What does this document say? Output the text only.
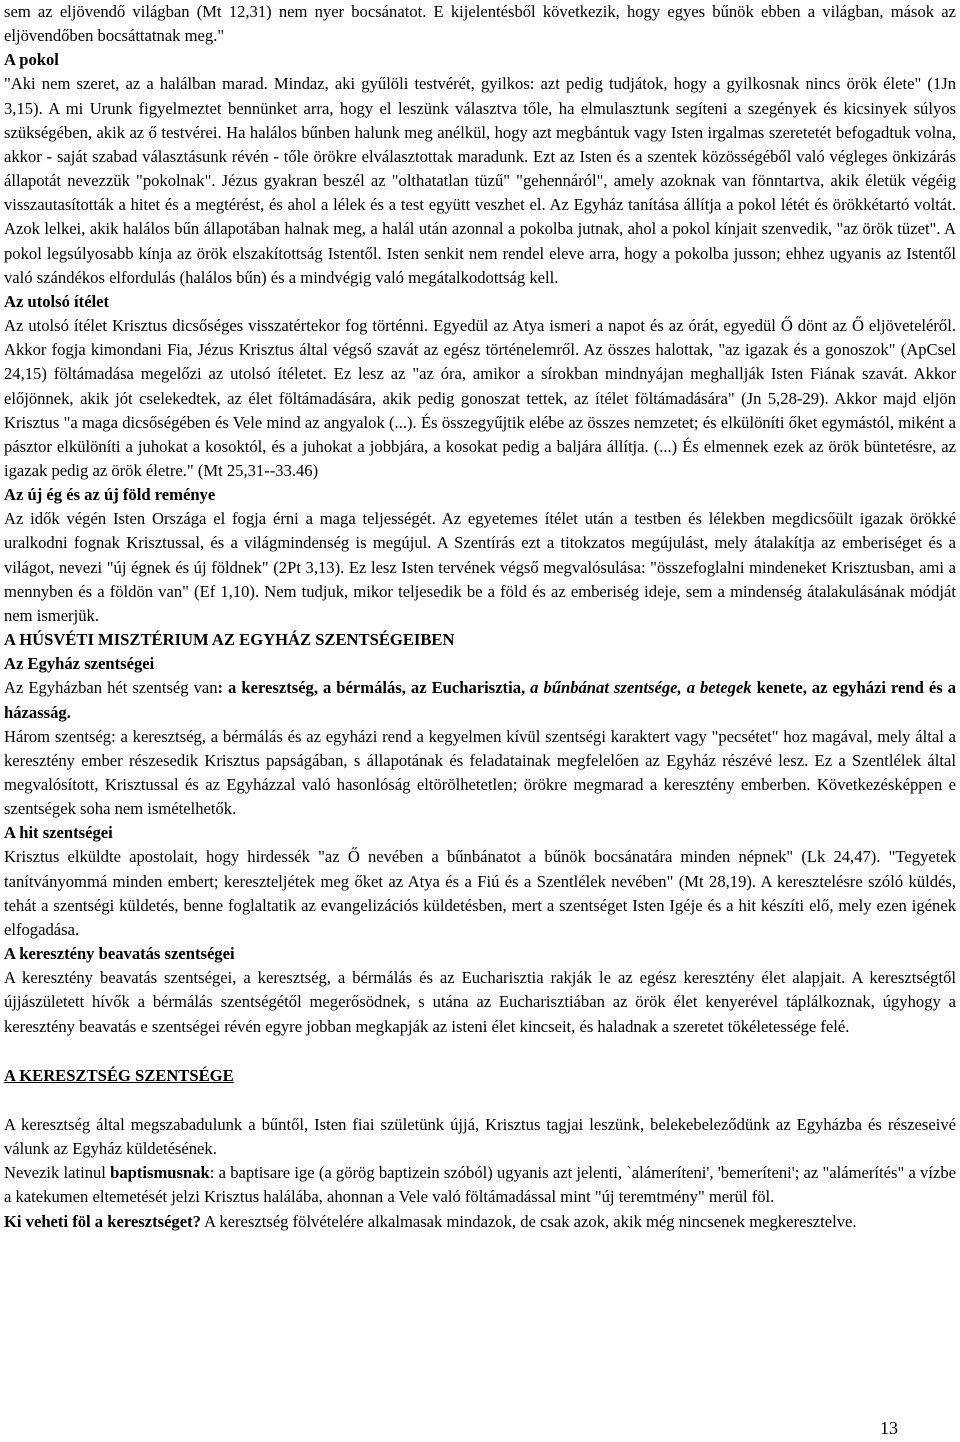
sem az eljövendő világban (Mt 12,31) nem nyer bocsánatot. E kijelentésből következik, hogy egyes bűnök ebben a világban, mások az eljövendőben bocsáttatnak meg."

A pokol

"Aki nem szeret, az a halálban marad. Mindaz, aki gyűlöli testvérét, gyilkos: azt pedig tudjátok, hogy a gyilkosnak nincs örök élete" (1Jn 3,15). A mi Urunk figyelmeztet bennünket arra, hogy el leszünk választva tőle, ha elmulasztunk segíteni a szegények és kicsinyek súlyos szükségében, akik az ő testvérei. Ha halálos bűnben halunk meg anélkül, hogy azt megbántuk vagy Isten irgalmas szeretetét befogadtuk volna, akkor - saját szabad választásunk révén - tőle örökre elválasztottak maradunk. Ezt az Isten és a szentek közösségéből való végleges önkizárás állapotát nevezzük "pokolnak". Jézus gyakran beszél az "olthatatlan tüzű" "gehennáról", amely azoknak van fönntartva, akik életük végéig visszautasították a hitet és a megtérést, és ahol a lélek és a test együtt veszhet el. Az Egyház tanítása állítja a pokol létét és örökkétartó voltát. Azok lelkei, akik halálos bűn állapotában halnak meg, a halál után azonnal a pokolba jutnak, ahol a pokol kínjait szenvedik, "az örök tüzet". A pokol legsúlyosabb kínja az örök elszakítottság Istentől. Isten senkit nem rendel eleve arra, hogy a pokolba jusson; ehhez ugyanis az Istentől való szándékos elfordulás (halálos bűn) és a mindvégig való megátalkodottság kell.

Az utolsó ítélet

Az utolsó ítélet Krisztus dicsőséges visszatértekor fog történni. Egyedül az Atya ismeri a napot és az órát, egyedül Ő dönt az Ő eljöveteléről. Akkor fogja kimondani Fia, Jézus Krisztus által végső szavát az egész történelemről. Az összes halottak, "az igazak és a gonoszok" (ApCsel 24,15) föltámadása megelőzi az utolsó ítéletet. Ez lesz az "az óra, amikor a sírokban mindnyájan meghallják Isten Fiának szavát. Akkor előjönnek, akik jót cselekedtek, az élet föltámadására, akik pedig gonoszat tettek, az ítélet föltámadására" (Jn 5,28-29). Akkor majd eljön Krisztus "a maga dicsőségében és Vele mind az angyalok (...). És összegyűjtik elébe az összes nemzetet; és elkülöníti őket egymástól, miként a pásztor elkülöníti a juhokat a kosoktól, és a juhokat a jobbjára, a kosokat pedig a baljára állítja. (...) És elmennek ezek az örök büntetésre, az igazak pedig az örök életre." (Mt 25,31--33.46)

Az új ég és az új föld reménye

Az idők végén Isten Országa el fogja érni a maga teljességét. Az egyetemes ítélet után a testben és lélekben megdicsőült igazak örökké uralkodni fognak Krisztussal, és a világmindenség is megújul. A Szentírás ezt a titokzatos megújulást, mely átalakítja az emberiséget és a világot, nevezi "új égnek és új földnek" (2Pt 3,13). Ez lesz Isten tervének végső megvalósulása: "összefoglalni mindeneket Krisztusban, ami a mennyben és a földön van" (Ef 1,10). Nem tudjuk, mikor teljesedik be a föld és az emberiség ideje, sem a mindenség átalakulásának módját nem ismerjük.

A HÚSVÉTI MISZTÉRIUM AZ EGYHÁZ SZENTSÉGEIBEN

Az Egyház szentségei

Az Egyházban hét szentség van: a keresztség, a bérmálás, az Eucharisztia, a bűnbánat szentsége, a betegek kenete, az egyházi rend és a házasság.

Három szentség: a keresztség, a bérmálás és az egyházi rend a kegyelmen kívül szentségi karaktert vagy "pecsétet" hoz magával, mely által a keresztény ember részesedik Krisztus papságában, s állapotának és feladatainak megfelelően az Egyház részévé lesz. Ez a Szentlélek által megvalósított, Krisztussal és az Egyházzal való hasonlóság eltörölhetetlen; örökre megmarad a keresztény emberben. Következésképpen e szentségek soha nem ismételhetők.

A hit szentségei

Krisztus elküldte apostolait, hogy hirdessék "az Ő nevében a bűnbánatot a bűnök bocsánatára minden népnek" (Lk 24,47). "Tegyetek tanítványommá minden embert; kereszteljétek meg őket az Atya és a Fiú és a Szentlélek nevében" (Mt 28,19). A keresztelésre szóló küldés, tehát a szentségi küldetés, benne foglaltatik az evangelizációs küldetésben, mert a szentséget Isten Igéje és a hit készíti elő, mely ezen igének elfogadása.

A keresztény beavatás szentségei

A keresztény beavatás szentségei, a keresztség, a bérmálás és az Eucharisztia rakják le az egész keresztény élet alapjait. A keresztségtől újjászületett hívők a bérmálás szentségétől megerősödnek, s utána az Eucharisztiában az örök élet kenyerével táplálkoznak, úgyhogy a keresztény beavatás e szentségei révén egyre jobban megkapják az isteni élet kincseit, és haladnak a szeretet tökéletessége felé.

A KERESZTSÉG SZENTSÉGE

A keresztség által megszabadulunk a bűntől, Isten fiai születünk újjá, Krisztus tagjai leszünk, belekebeleződünk az Egyházba és részeseivé válunk az Egyház küldetésének.

Nevezik latinul baptismusnak: a baptisare ige (a görög baptizein szóból) ugyanis azt jelenti, `alámeríteni', 'bemeríteni'; az "alámerítés" a vízbe a katekumen eltemetését jelzi Krisztus halálába, ahonnan a Vele való föltámadással mint "új teremtmény" merül föl.

Ki veheti föl a keresztséget? A keresztség fölvételére alkalmasak mindazok, de csak azok, akik még nincsenek megkeresztelve.

13
